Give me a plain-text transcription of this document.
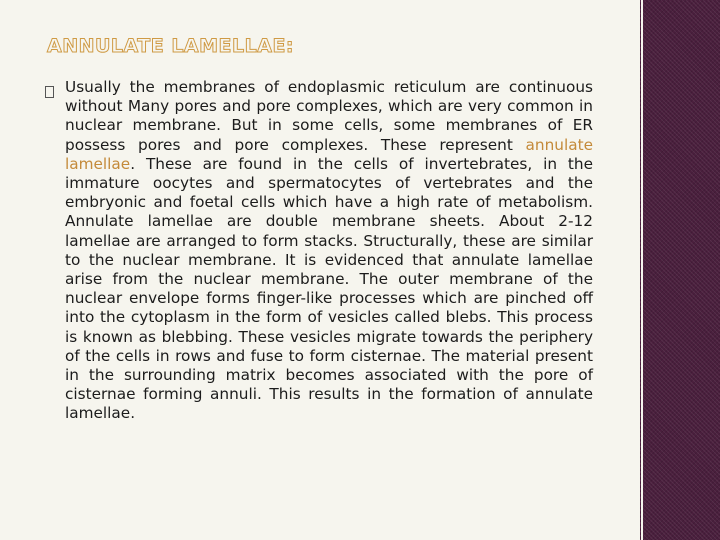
ANNULATE LAMELLAE:

Usually the membranes of endoplasmic reticulum are continuous without Many pores and pore complexes, which are very common in nuclear membrane. But in some cells, some membranes of ER possess pores and pore complexes. These represent annulate lamellae. These are found in the cells of invertebrates, in the immature oocytes and spermatocytes of vertebrates and the embryonic and foetal cells which have a high rate of metabolism. Annulate lamellae are double membrane sheets. About 2-12 lamellae are arranged to form stacks. Structurally, these are similar to the nuclear membrane. It is evidenced that annulate lamellae arise from the nuclear membrane. The outer membrane of the nuclear envelope forms finger-like processes which are pinched off into the cytoplasm in the form of vesicles called blebs. This process is known as blebbing. These vesicles migrate towards the periphery of the cells in rows and fuse to form cisternae. The material present in the surrounding matrix becomes associated with the pore of cisternae forming annuli. This results in the formation of annulate lamellae.
